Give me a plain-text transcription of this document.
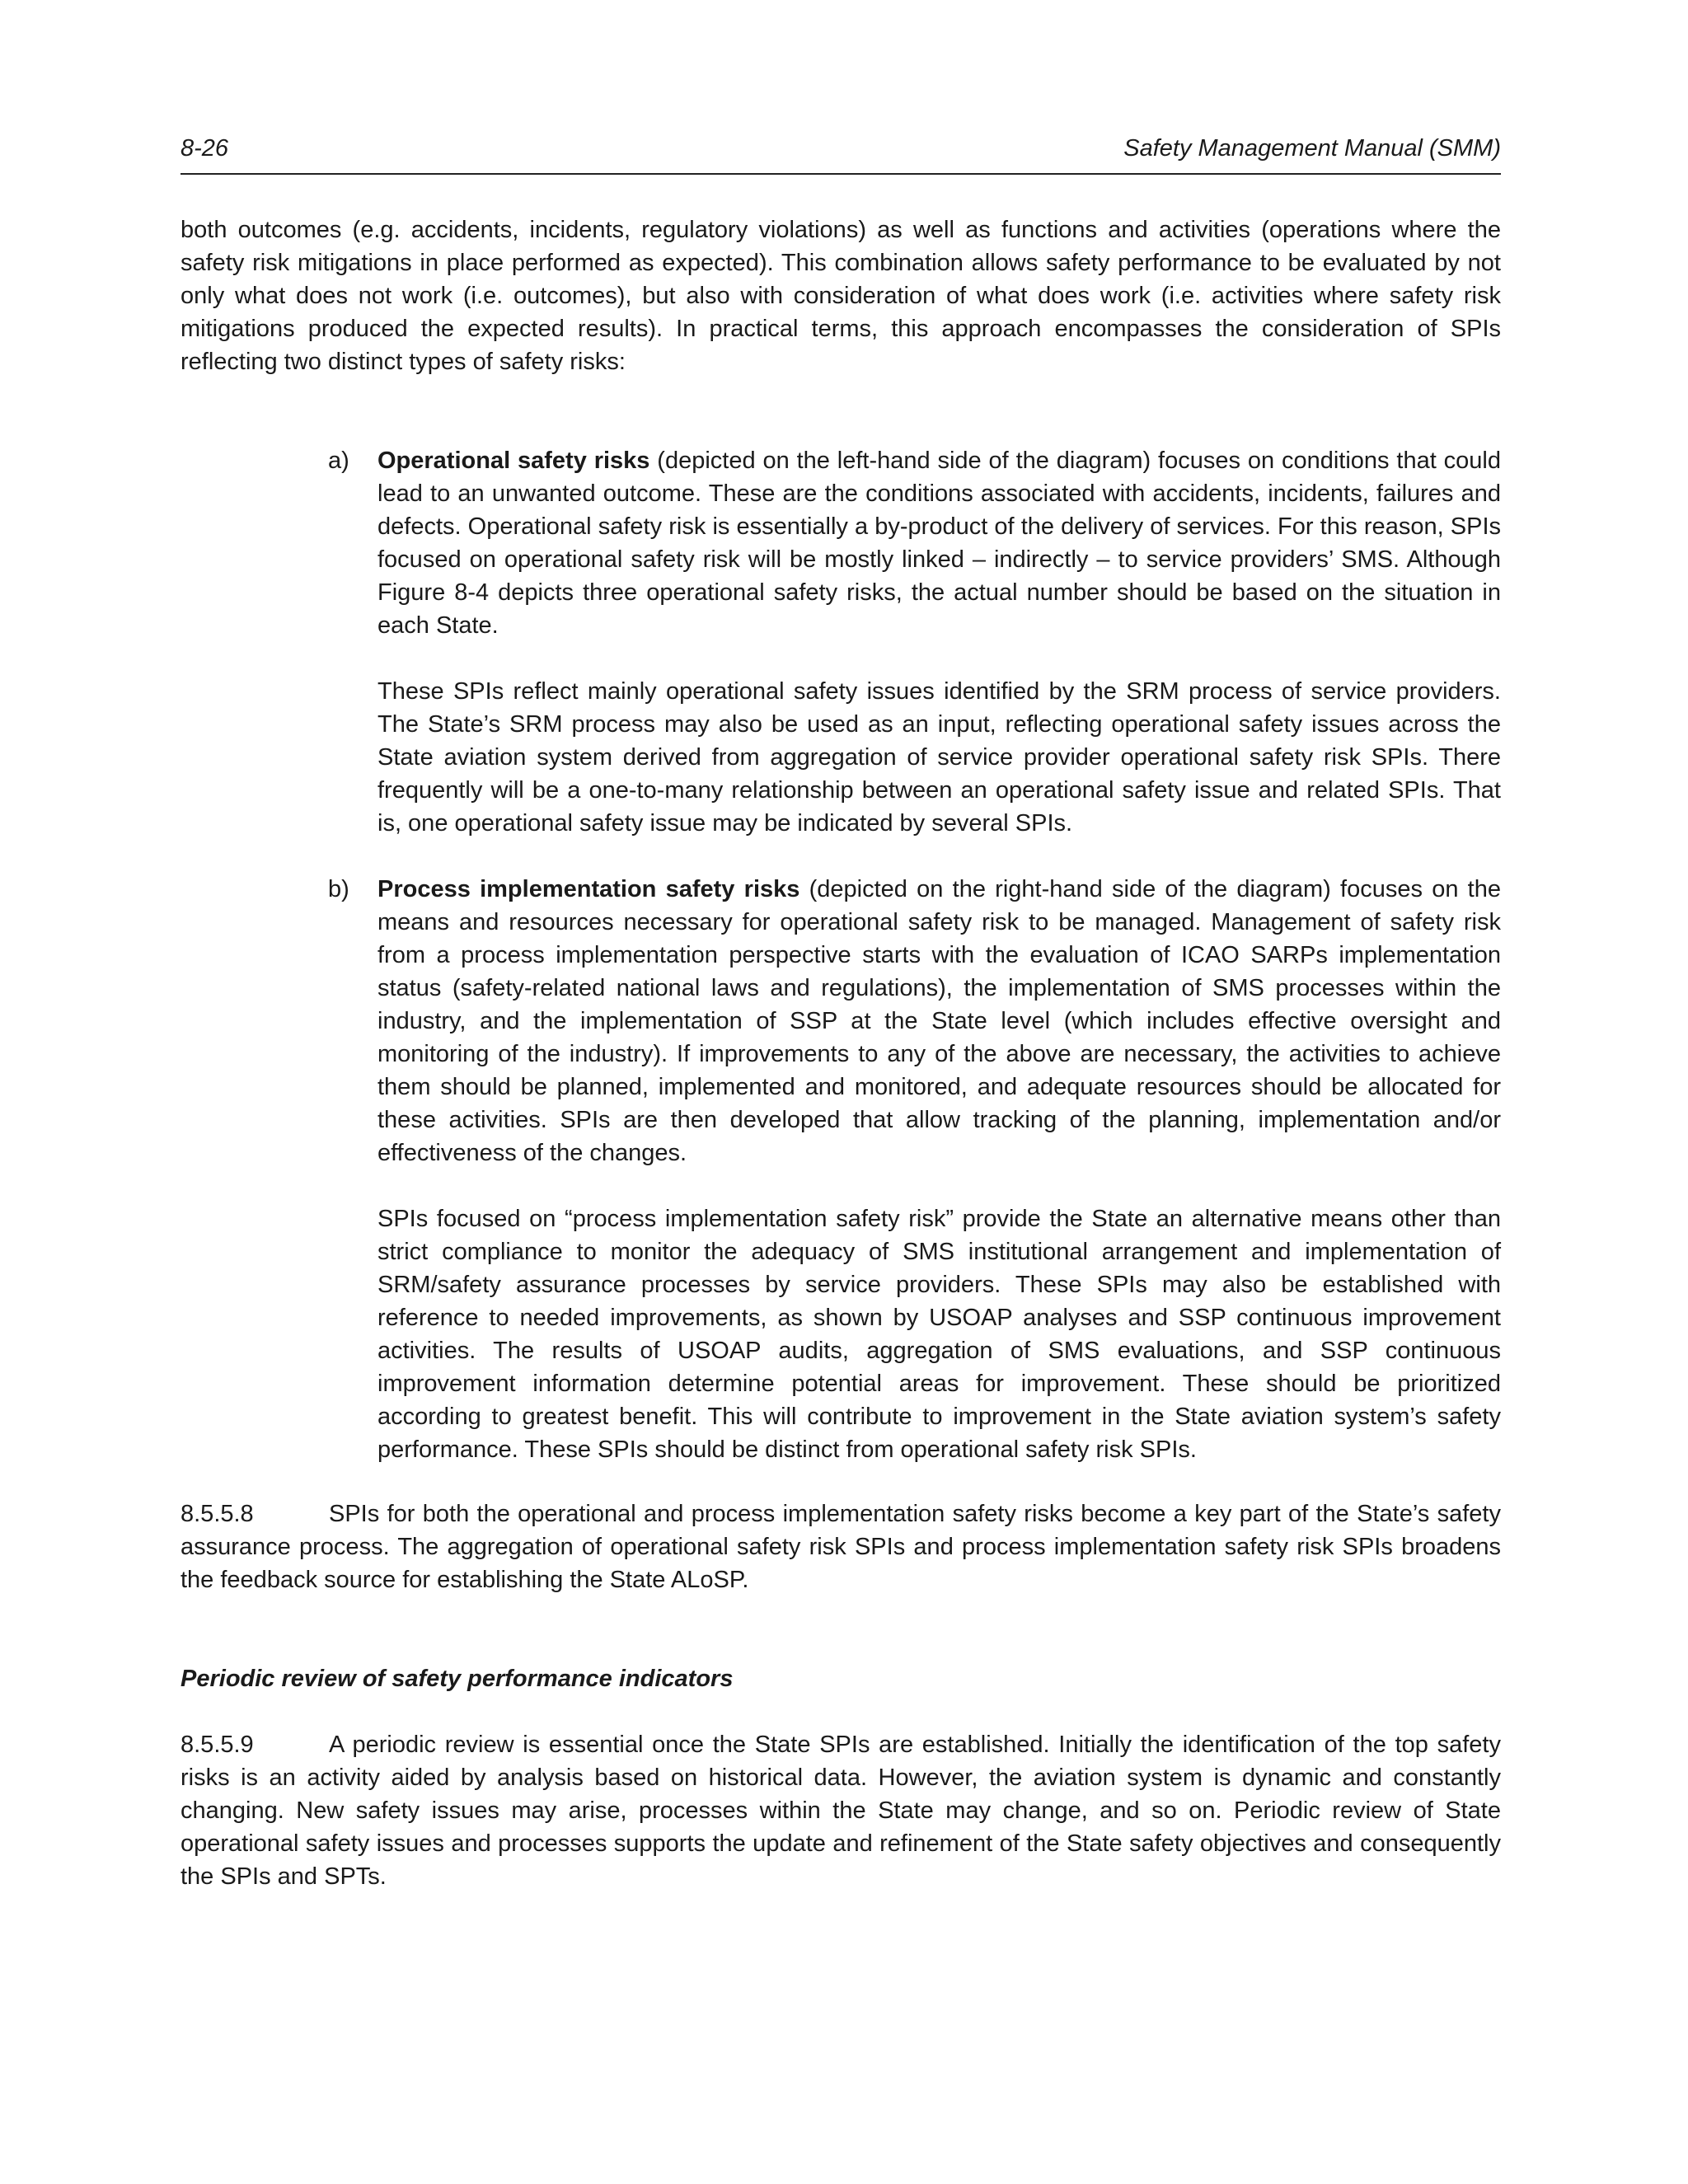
8-26	Safety Management Manual (SMM)

both outcomes (e.g. accidents, incidents, regulatory violations) as well as functions and activities (operations where the safety risk mitigations in place performed as expected). This combination allows safety performance to be evaluated by not only what does not work (i.e. outcomes), but also with consideration of what does work (i.e. activities where safety risk mitigations produced the expected results). In practical terms, this approach encompasses the consideration of SPIs reflecting two distinct types of safety risks:

a) Operational safety risks (depicted on the left-hand side of the diagram) focuses on conditions that could lead to an unwanted outcome. These are the conditions associated with accidents, incidents, failures and defects. Operational safety risk is essentially a by-product of the delivery of services. For this reason, SPIs focused on operational safety risk will be mostly linked – indirectly – to service providers’ SMS. Although Figure 8-4 depicts three operational safety risks, the actual number should be based on the situation in each State.

These SPIs reflect mainly operational safety issues identified by the SRM process of service providers. The State’s SRM process may also be used as an input, reflecting operational safety issues across the State aviation system derived from aggregation of service provider operational safety risk SPIs. There frequently will be a one-to-many relationship between an operational safety issue and related SPIs. That is, one operational safety issue may be indicated by several SPIs.

b) Process implementation safety risks (depicted on the right-hand side of the diagram) focuses on the means and resources necessary for operational safety risk to be managed. Management of safety risk from a process implementation perspective starts with the evaluation of ICAO SARPs implementation status (safety-related national laws and regulations), the implementation of SMS processes within the industry, and the implementation of SSP at the State level (which includes effective oversight and monitoring of the industry). If improvements to any of the above are necessary, the activities to achieve them should be planned, implemented and monitored, and adequate resources should be allocated for these activities. SPIs are then developed that allow tracking of the planning, implementation and/or effectiveness of the changes.

SPIs focused on “process implementation safety risk” provide the State an alternative means other than strict compliance to monitor the adequacy of SMS institutional arrangement and implementation of SRM/safety assurance processes by service providers. These SPIs may also be established with reference to needed improvements, as shown by USOAP analyses and SSP continuous improvement activities. The results of USOAP audits, aggregation of SMS evaluations, and SSP continuous improvement information determine potential areas for improvement. These should be prioritized according to greatest benefit. This will contribute to improvement in the State aviation system’s safety performance. These SPIs should be distinct from operational safety risk SPIs.

8.5.5.8	SPIs for both the operational and process implementation safety risks become a key part of the State’s safety assurance process. The aggregation of operational safety risk SPIs and process implementation safety risk SPIs broadens the feedback source for establishing the State ALoSP.

Periodic review of safety performance indicators

8.5.5.9	A periodic review is essential once the State SPIs are established. Initially the identification of the top safety risks is an activity aided by analysis based on historical data. However, the aviation system is dynamic and constantly changing. New safety issues may arise, processes within the State may change, and so on. Periodic review of State operational safety issues and processes supports the update and refinement of the State safety objectives and consequently the SPIs and SPTs.
